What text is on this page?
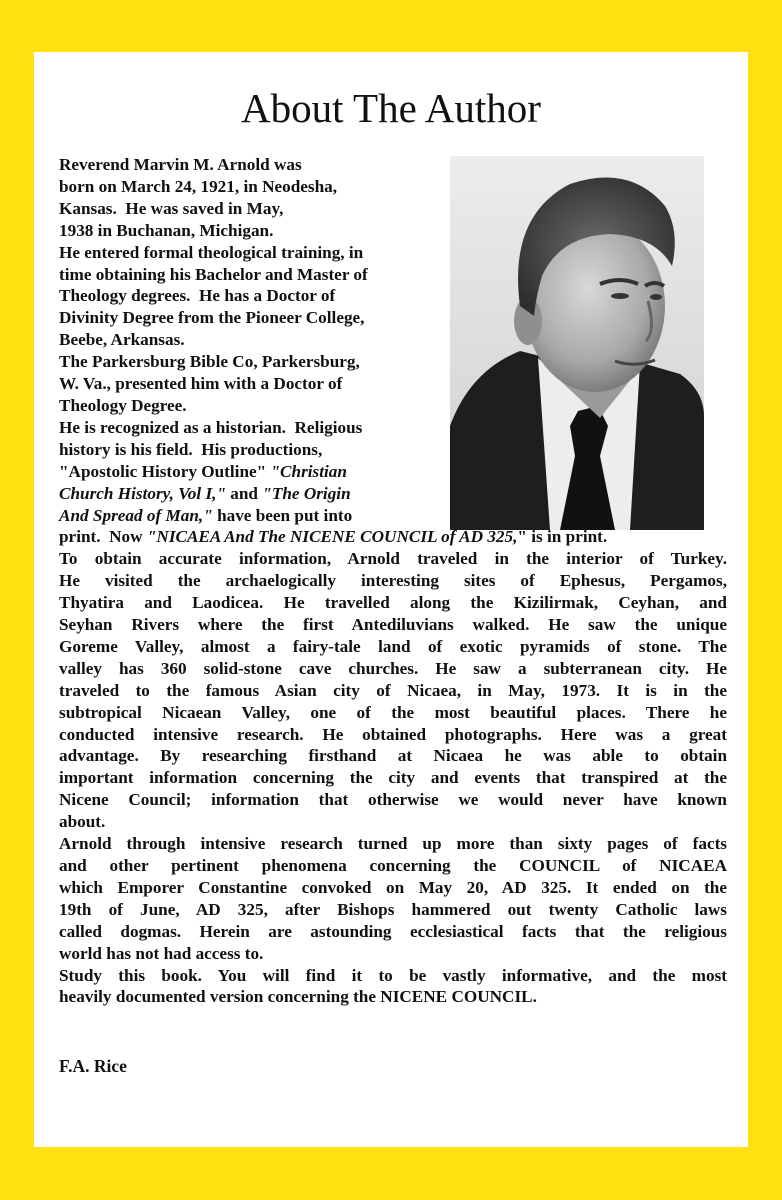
About The Author
Reverend Marvin M. Arnold was
born on March 24, 1921, in Neodesha,
Kansas.  He was saved in May,
1938 in Buchanan, Michigan.
He entered formal theological training, in
time obtaining his Bachelor and Master of
Theology degrees.  He has a Doctor of
Divinity Degree from the Pioneer College,
Beebe, Arkansas.
The Parkersburg Bible Co, Parkersburg,
W. Va., presented him with a Doctor of
Theology Degree.
He is recognized as a historian.  Religious
history is his field.  His productions,
"Apostolic History Outline" "Christian
Church History, Vol I," and "The Origin
And Spread of Man," have been put into
print.  Now "NICAEA And The NICENE COUNCIL of AD 325," is in print.
To obtain accurate information, Arnold traveled in the interior of Turkey.
He visited the archaelogically interesting sites of Ephesus, Pergamos,
Thyatira and Laodicea. He travelled along the Kizilirmak, Ceyhan, and
Seyhan Rivers where the first Antediluvians walked. He saw the unique
Goreme Valley, almost a fairy-tale land of exotic pyramids of stone. The
valley has 360 solid-stone cave churches. He saw a subterranean city. He
traveled to the famous Asian city of Nicaea, in May, 1973. It is in the
subtropical Nicaean Valley, one of the most beautiful places. There he
conducted intensive research. He obtained photographs. Here was a great
advantage. By researching firsthand at Nicaea he was able to obtain
important information concerning the city and events that transpired at the
Nicene Council; information that otherwise we would never have known
about.
Arnold through intensive research turned up more than sixty pages of facts
and other pertinent phenomena concerning the COUNCIL of NICAEA
which Emporer Constantine convoked on May 20, AD 325. It ended on the
19th of June, AD 325, after Bishops hammered out twenty Catholic laws
called dogmas. Herein are astounding ecclesiastical facts that the religious
world has not had access to.
Study this book. You will find it to be vastly informative, and the most
heavily documented version concerning the NICENE COUNCIL.
F.A. Rice
